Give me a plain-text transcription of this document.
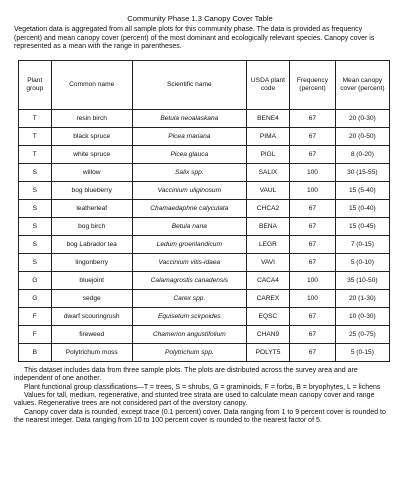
Community Phase 1.3 Canopy Cover Table
Vegetation data is aggregated from all sample plots for this community phase. The data is provided as frequency (percent) and mean canopy cover (percent) of the most dominant and ecologically relevant species. Canopy cover is represented as a mean with the range in parentheses.
Plant group	Common name	Scientific name	USDA plant code	Frequency (percent)	Mean canopy cover (percent)
T	resin birch	Betula neoalaskana	BENE4	67	20 (0-30)
T	black spruce	Picea mariana	PIMA	67	20 (0-50)
T	white spruce	Picea glauca	PIGL	67	8 (0-20)
S	willow	Salix spp.	SALIX	100	30 (15-55)
S	bog blueberry	Vaccinium uliginosum	VAUL	100	15 (5-40)
S	leatherleaf	Chamaedaphne calyculata	CHCA2	67	15 (0-40)
S	bog birch	Betula nana	BENA	67	15 (0-45)
S	bog Labrador tea	Ledum groenlandicum	LEGR	67	7 (0-15)
S	lingonberry	Vaccinium vitis-idaea	VAVI	67	5 (0-10)
G	bluejoint	Calamagrostis canadensis	CACA4	100	35 (10-50)
G	sedge	Carex spp.	CAREX	100	20 (1-30)
F	dwarf scouringrush	Equisetum scirpoides	EQSC	67	10 (0-30)
F	fireweed	Chamerion angustifolium	CHAN9	67	25 (0-75)
B	Polytrichum moss	Polytrichum spp.	POLYT5	67	5 (0-15)

This dataset includes data from three sample plots. The plots are distributed across the survey area and are independent of one another.

Plant functional group classifications—T = trees, S = shrubs, G = graminoids, F = forbs, B = bryophytes, L = lichens

Values for tall, medium, regenerative, and stunted tree strata are used to calculate mean canopy cover and range values. Regenerative trees are not considered part of the overstory canopy.

Canopy cover data is rounded, except trace (0.1 percent) cover. Data ranging from 1 to 9 percent cover is rounded to the nearest integer. Data ranging from 10 to 100 percent cover is rounded to the nearest factor of 5.
